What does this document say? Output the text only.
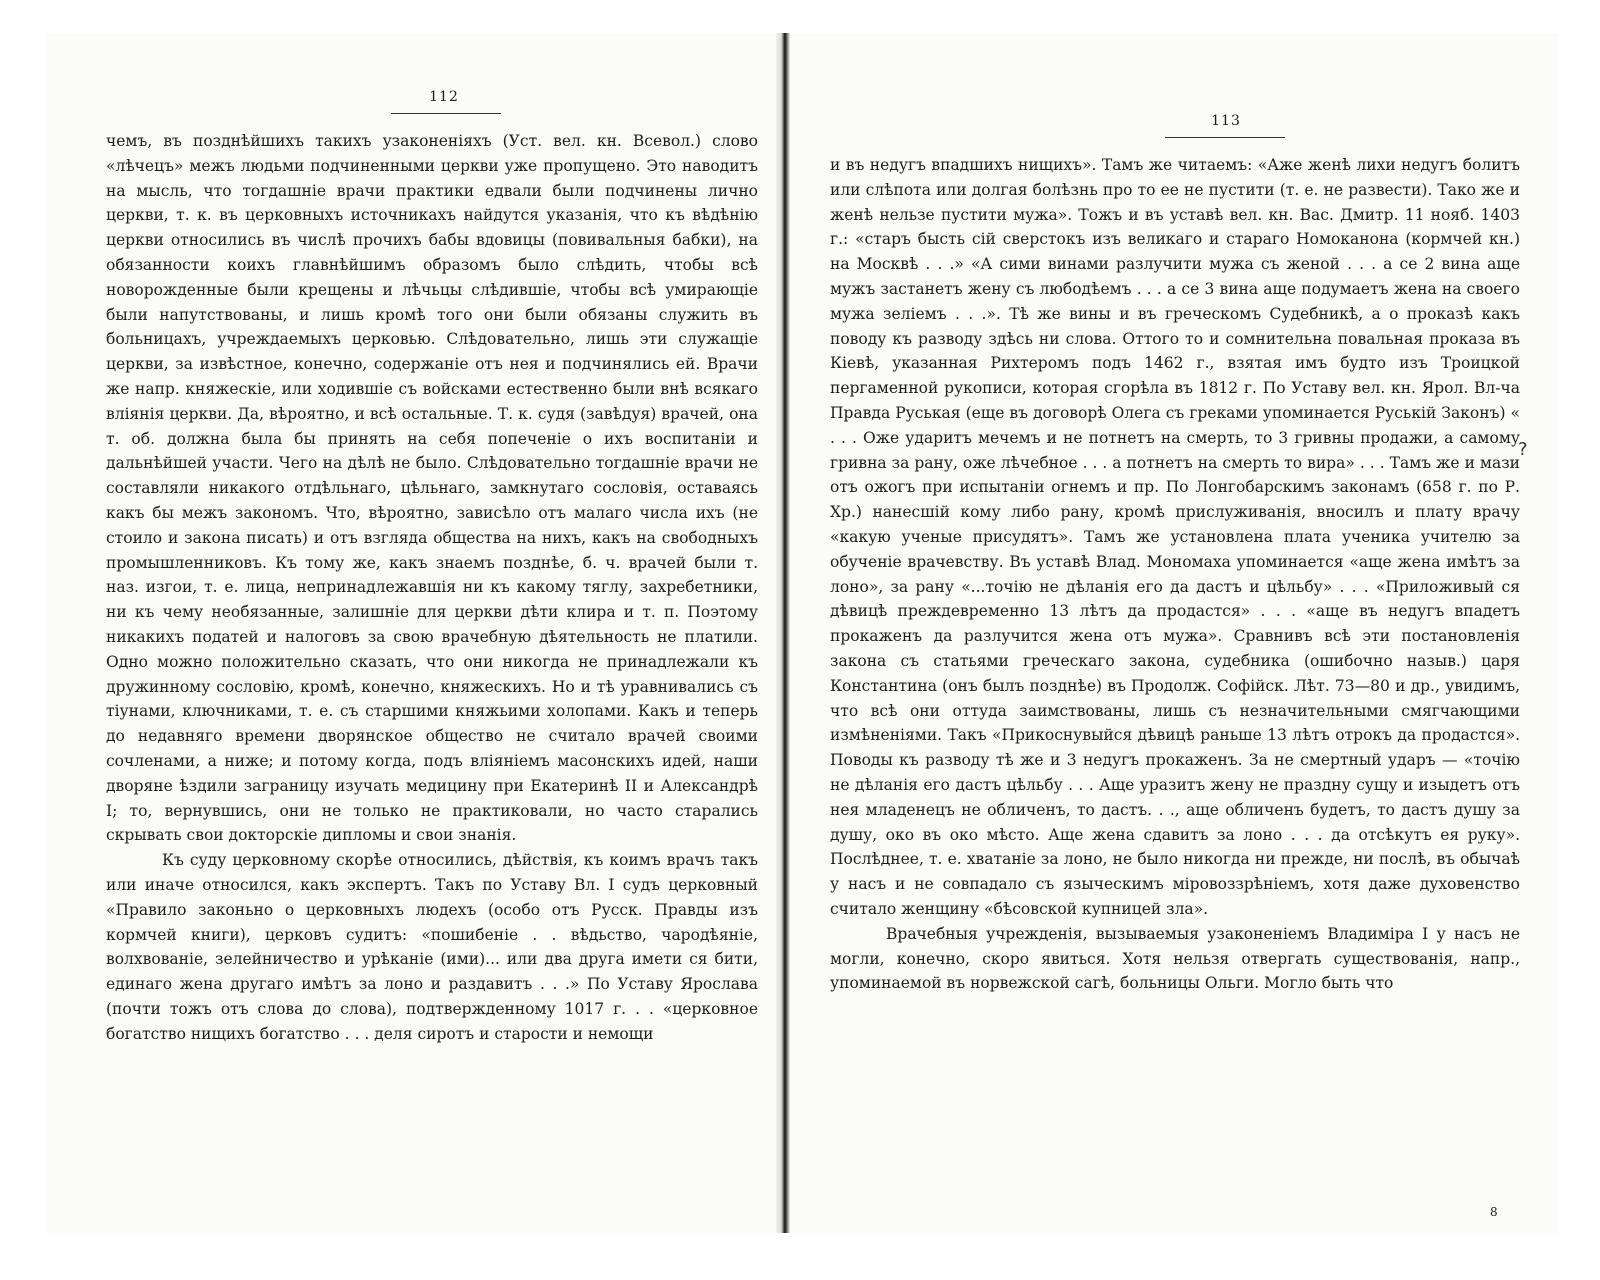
112

чемъ, въ позднѣйшихъ такихъ узаконеніяхъ (Уст. вел. кн. Всевол.) слово «лѣчецъ» межъ людьми подчиненными церкви уже пропущено. Это наводитъ на мысль, что тогдашніе врачи практики едвали были подчинены лично церкви, т. к. въ церковныхъ источникахъ найдутся указанія, что къ вѣдѣнію церкви относились въ числѣ прочихъ бабы вдовицы (повивальныя бабки), на обязанности коихъ главнѣйшимъ образомъ было слѣдить, чтобы всѣ новорожденные были крещены и лѣчьцы слѣдившіе, чтобы всѣ умирающіе были напутствованы, и лишь кромѣ того они были обязаны служить въ больницахъ, учреждаемыхъ церковью. Слѣдовательно, лишь эти служащіе церкви, за извѣстное, конечно, содержаніе отъ нея и подчинялись ей. Врачи же напр. княжескіе, или ходившіе съ войсками естественно были внѣ всякаго вліянія церкви. Да, вѣроятно, и всѣ остальные. Т. к. судя (завѣдуя) врачей, она т. об. должна была бы принять на себя попеченіе о ихъ воспитаніи и дальнѣйшей участи. Чего на дѣлѣ не было. Слѣдовательно тогдашніе врачи не составляли никакого отдѣльнаго, цѣльнаго, замкнутаго сословія, оставаясь какъ бы межъ закономъ. Что, вѣроятно, зависѣло отъ малаго числа ихъ (не стоило и закона писать) и отъ взгляда общества на нихъ, какъ на свободныхъ промышленниковъ. Къ тому же, какъ знаемъ позднѣе, б. ч. врачей были т. наз. изгои, т. е. лица, непринадлежавшія ни къ какому тяглу, захребетники, ни къ чему необязанные, залишніе для церкви дѣти клира и т. п. Поэтому никакихъ податей и налоговъ за свою врачебную дѣятельность не платили. Одно можно положительно сказать, что они никогда не принадлежали къ дружинному сословію, кромѣ, конечно, княжескихъ. Но и тѣ уравнивались съ тіунами, ключниками, т. е. съ старшими княжьими холопами. Какъ и теперь до недавняго времени дворянское общество не считало врачей своими сочленами, а ниже; и потому когда, подъ вліяніемъ масонскихъ идей, наши дворяне ѣздили заграницу изучать медицину при Екатеринѣ II и Александрѣ I; то, вернувшись, они не только не практиковали, но часто старались скрывать свои докторскіе дипломы и свои знанія.

Къ суду церковному скорѣе относились, дѣйствія, къ коимъ врачъ такъ или иначе относился, какъ экспертъ. Такъ по Уставу Вл. I судъ церковный «Правило законьно о церковныхъ людехъ (особо отъ Русск. Правды изъ кормчей книги), церковъ судитъ: «пошибеніе . . вѣдьство, чародѣяніе, волхвованіе, зелейничество и урѣканіе (ими)... или два друга имети ся бити, единаго жена другаго имѣтъ за лоно и раздавитъ . . .» По Уставу Ярослава (почти тожъ отъ слова до слова), подтвержденному 1017 г. . . «церковное богатство нищихъ богатство . . . деля сиротъ и старости и немощи

113

и въ недугъ впадшихъ нищихъ». Тамъ же читаемъ: «Аже женѣ лихи недугъ болитъ или слѣпота или долгая болѣзнь про то ее не пустити (т. е. не развести). Тако же и женѣ нельзе пустити мужа». Тожъ и въ уставѣ вел. кн. Вас. Дмитр. 11 нояб. 1403 г.: «старъ бысть сій сверстокъ изъ великаго и стараго Номоканона (кормчей кн.) на Москвѣ . . .» «А сими винами разлучити мужа съ женой . . . а се 2 вина аще мужъ застанетъ жену съ любодѣемъ . . . а се 3 вина аще подумаетъ жена на своего мужа зеліемъ . . .». Тѣ же вины и въ греческомъ Судебникѣ, а о проказѣ какъ поводу къ разводу здѣсь ни слова. Оттого то и сомнительна повальная проказа въ Кіевѣ, указанная Рихтеромъ подъ 1462 г., взятая имъ будто изъ Троицкой пергаменной рукописи, которая сгорѣла въ 1812 г. По Уставу вел. кн. Ярол. Вл-ча Правда Руськая (еще въ договорѣ Олега съ греками упоминается Руській Законъ) « . . . Оже ударитъ мечемъ и не потнетъ на смерть, то 3 гривны продажи, а самому гривна за рану, оже лѣчебное . . . а потнетъ на смерть то вира» . . . Тамъ же и мази отъ ожогъ при испытаніи огнемъ и пр. По Лонгобарскимъ законамъ (658 г. по Р. Хр.) нанесшій кому либо рану, кромѣ прислуживанія, вносилъ и плату врачу «какую ученые присудятъ». Тамъ же установлена плата ученика учителю за обученіе врачевству. Въ уставѣ Влад. Мономаха упоминается «аще жена имѣтъ за лоно», за рану «...точію не дѣланія его да дастъ и цѣльбу» . . . «Приложивый ся дѣвицѣ преждевременно 13 лѣтъ да продастся» . . . «аще въ недугъ впадетъ прокаженъ да разлучится жена отъ мужа». Сравнивъ всѣ эти постановленія закона съ статьями греческаго закона, судебника (ошибочно назыв.) царя Константина (онъ былъ позднѣе) въ Продолж. Софійск. Лѣт. 73—80 и др., увидимъ, что всѣ они оттуда заимствованы, лишь съ незначительными смягчающими измѣненіями. Такъ «Прикоснувыйся дѣвицѣ раньше 13 лѣтъ отрокъ да продастся». Поводы къ разводу тѣ же и 3 недугъ прокаженъ. За не смертный ударъ — «точію не дѣланія его дастъ цѣльбу . . . Аще уразитъ жену не праздну сущу и изыдетъ отъ нея младенецъ не обличенъ, то дастъ. . ., аще обличенъ будетъ, то дастъ душу за душу, око въ око мѣсто. Аще жена сдавитъ за лоно . . . да отсѣкутъ ея руку». Послѣднее, т. е. хватаніе за лоно, не было никогда ни прежде, ни послѣ, въ обычаѣ у насъ и не совпадало съ языческимъ міровоззрѣніемъ, хотя даже духовенство считало женщину «бѣсовской купницей зла».

Врачебныя учрежденія, вызываемыя узаконеніемъ Владиміра I у насъ не могли, конечно, скоро явиться. Хотя нельзя отвергать существованія, напр., упоминаемой въ норвежской сагѣ, больницы Ольги. Могло быть что

?
8
